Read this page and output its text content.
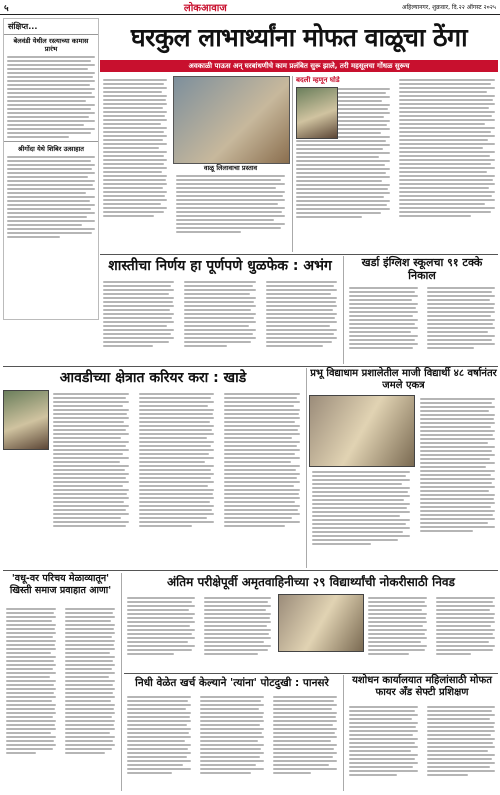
५	लोकआवाज	अहिल्यानगर, शुक्रवार, दि.२२ ऑगस्ट २०२५
संक्षिप्त...
बेलवंडी येथील रस्त्याच्या कामास प्रारंभ
श्रीगोंदा येथे शिबिर उत्साहात
घरकुल लाभार्थ्यांना मोफत वाळूचा ठेंगा
अवकाळी पाऊस अन् घरबांधणीचे काम प्रलंबित सुरू झाले, तरी महसूलचा गोंधळ सुरूच
वाळू लिलावाचा प्रस्ताव
बदली म्हणून घोडे
शास्तीचा निर्णय हा पूर्णपणे धुळफेक : अभंग	खर्डा इंग्लिश स्कूलचा ९१ टक्के निकाल
आवडीच्या क्षेत्रात करियर करा : खाडे	प्रभू विद्याधाम प्रशालेतील माजी विद्यार्थी ४८ वर्षानंतर जमले एकत्र
'वधू-वर परिचय मेळाव्यातून' खिस्ती समाज प्रवाहात आणा'
अंतिम परीक्षेपूर्वी अमृतवाहिनीच्या २९ विद्यार्थ्यांची नोकरीसाठी निवड
निधी वेळेत खर्च केल्याने 'त्यांना' पोटदुखी : पानसरे	यशोधन कार्यालयात महिलांसाठी मोफत फायर अँड सेफ्टी प्रशिक्षण
